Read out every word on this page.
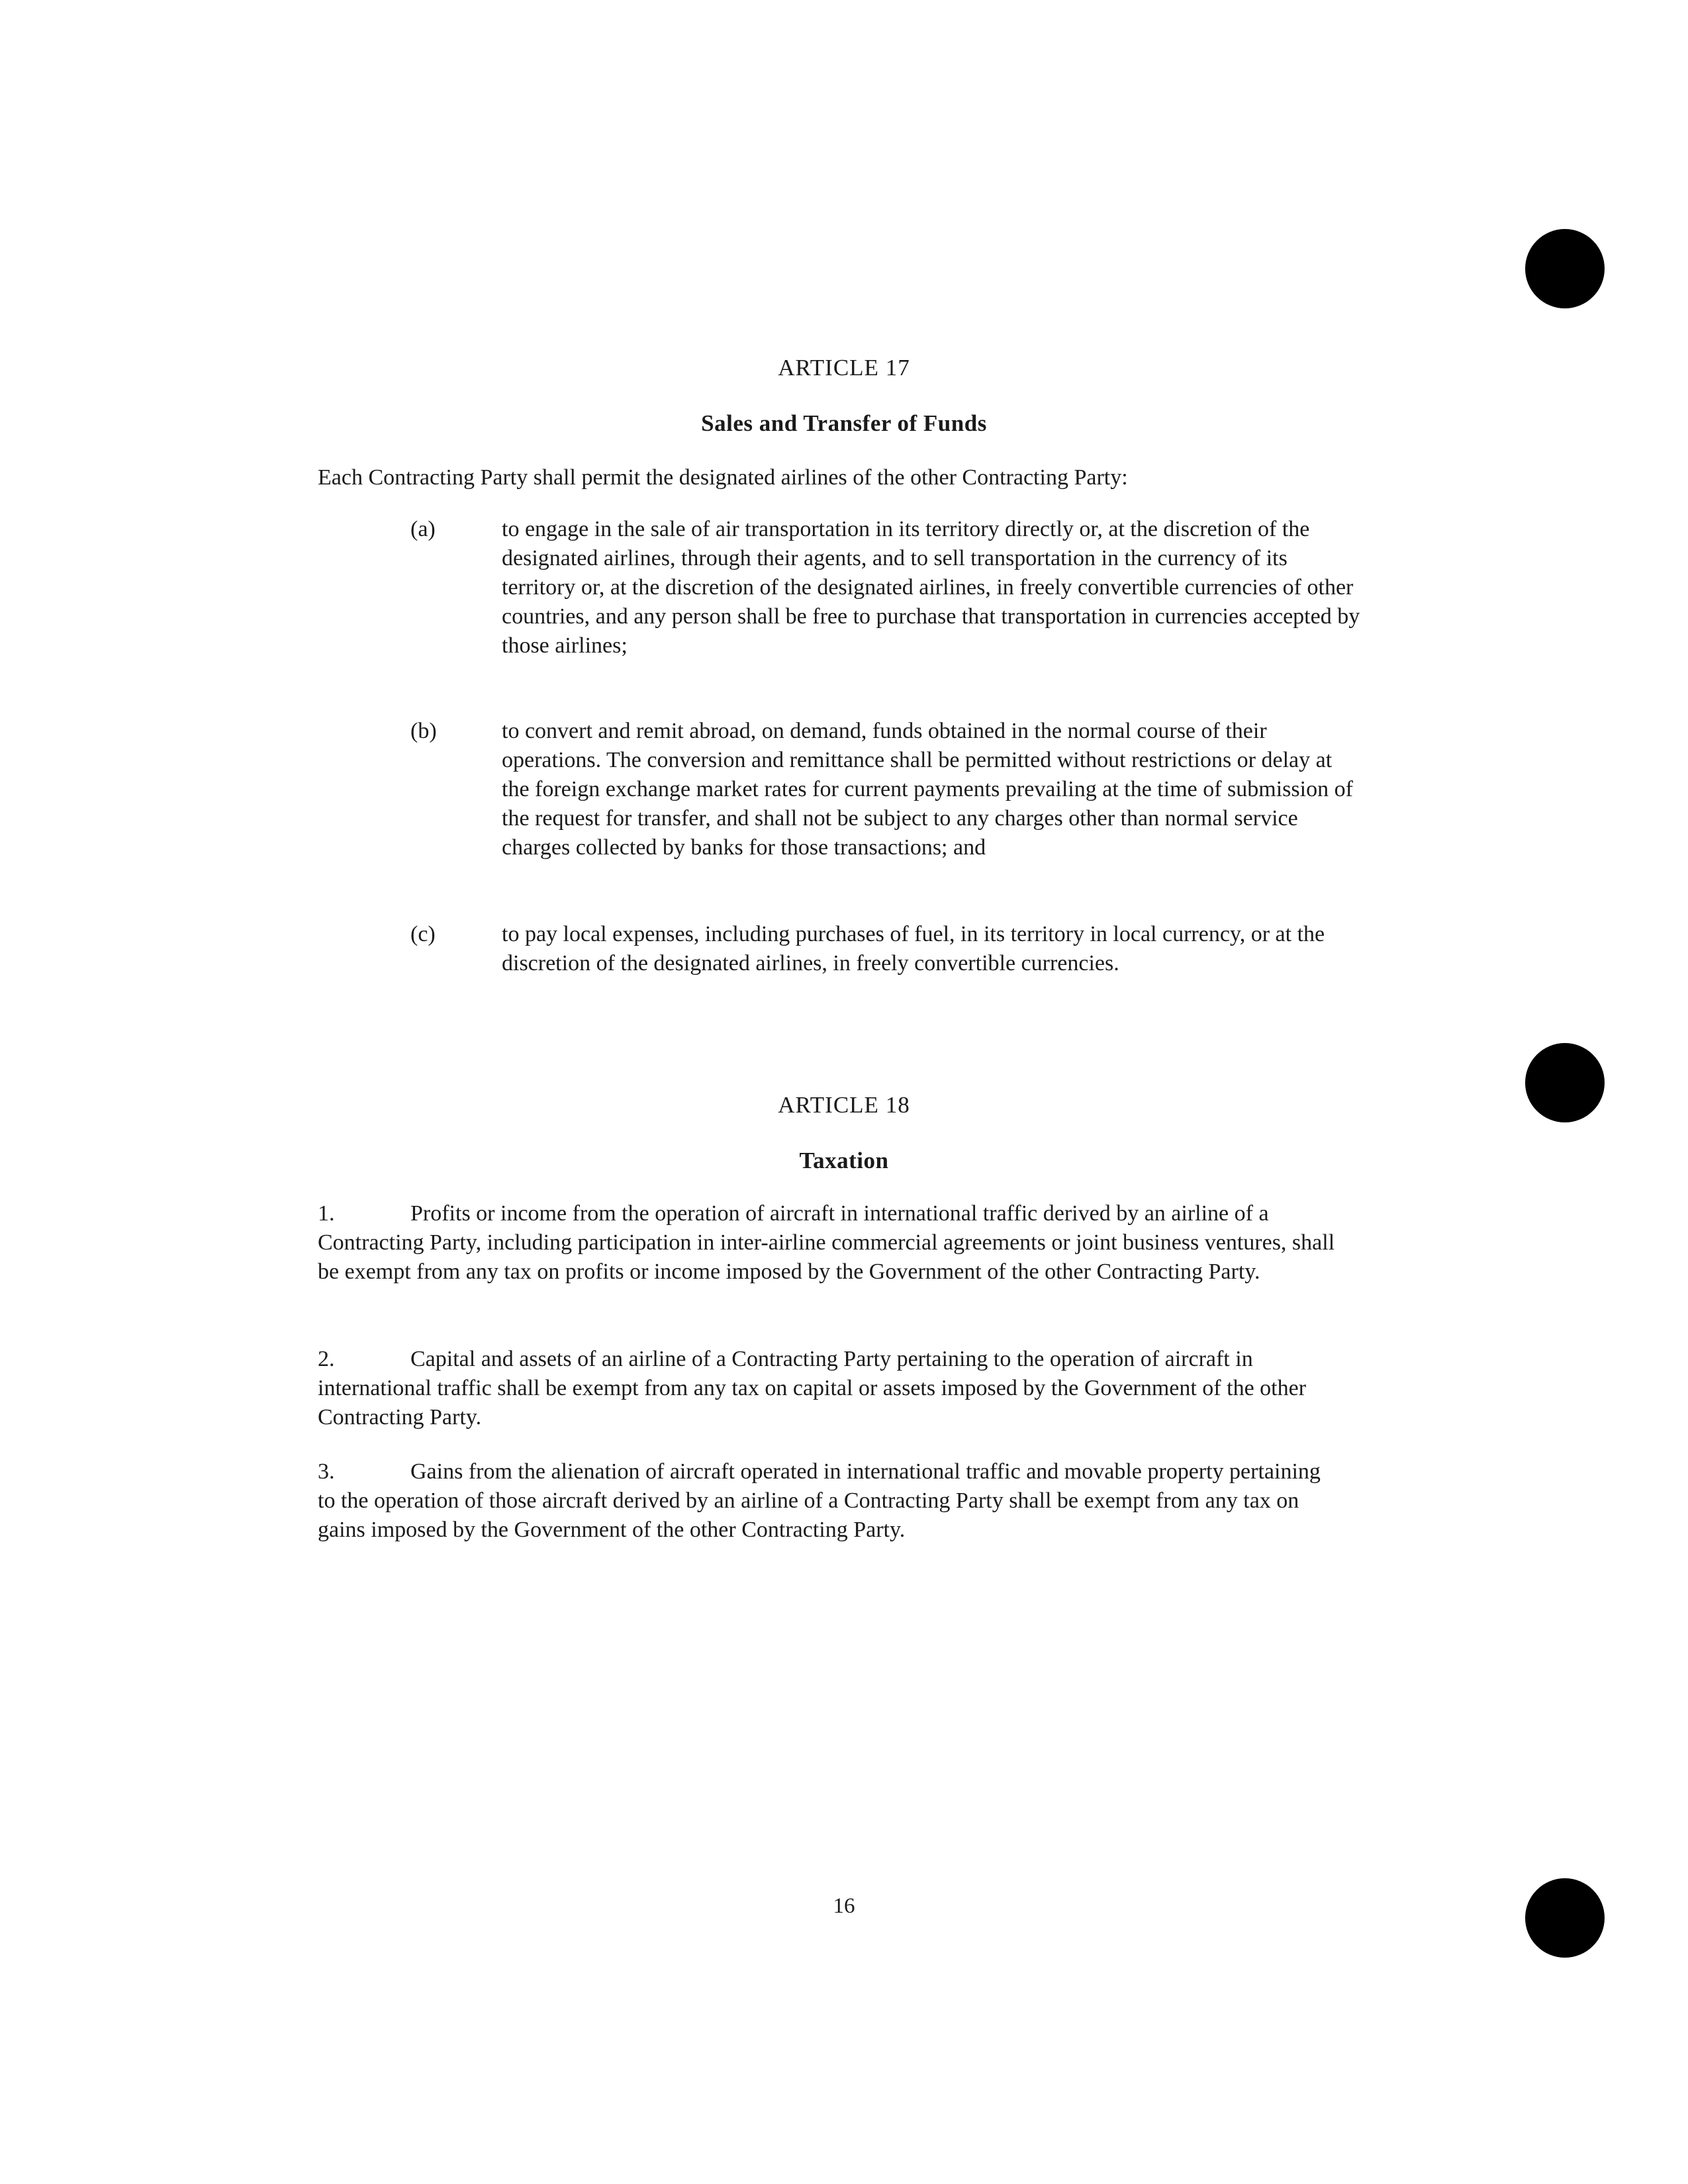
ARTICLE 17
Sales and Transfer of Funds

Each Contracting Party shall permit the designated airlines of the other Contracting Party:

(a)	to engage in the sale of air transportation in its territory directly or, at the discretion of the designated airlines, through their agents, and to sell transportation in the currency of its territory or, at the discretion of the designated airlines, in freely convertible currencies of other countries, and any person shall be free to purchase that transportation in currencies accepted by those airlines;

(b)	to convert and remit abroad, on demand, funds obtained in the normal course of their operations. The conversion and remittance shall be permitted without restrictions or delay at the foreign exchange market rates for current payments prevailing at the time of submission of the request for transfer, and shall not be subject to any charges other than normal service charges collected by banks for those transactions; and

(c)	to pay local expenses, including purchases of fuel, in its territory in local currency, or at the discretion of the designated airlines, in freely convertible currencies.

ARTICLE 18
Taxation

1.	Profits or income from the operation of aircraft in international traffic derived by an airline of a Contracting Party, including participation in inter-airline commercial agreements or joint business ventures, shall be exempt from any tax on profits or income imposed by the Government of the other Contracting Party.

2.	Capital and assets of an airline of a Contracting Party pertaining to the operation of aircraft in international traffic shall be exempt from any tax on capital or assets imposed by the Government of the other Contracting Party.

3.	Gains from the alienation of aircraft operated in international traffic and movable property pertaining to the operation of those aircraft derived by an airline of a Contracting Party shall be exempt from any tax on gains imposed by the Government of the other Contracting Party.

16
